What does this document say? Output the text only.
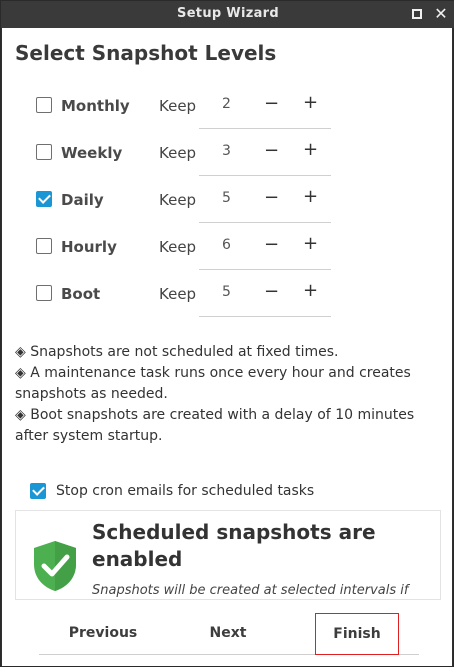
Setup Wizard	✕
Select Snapshot Levels
Monthly Keep 2 − +
Weekly Keep 3 − +
Daily	Keep 5 − +
Hourly	Keep 6 − +
Boot	Keep 5 − +

◈ Snapshots are not scheduled at fixed times.

◈ A maintenance task runs once every hour and creates snapshots as needed.

◈ Boot snapshots are created with a delay of 10 minutes after system startup.

Stop cron emails for scheduled tasks
Scheduled snapshots are enabled
Snapshots will be created at selected intervals if
Previous	Next	Finish
